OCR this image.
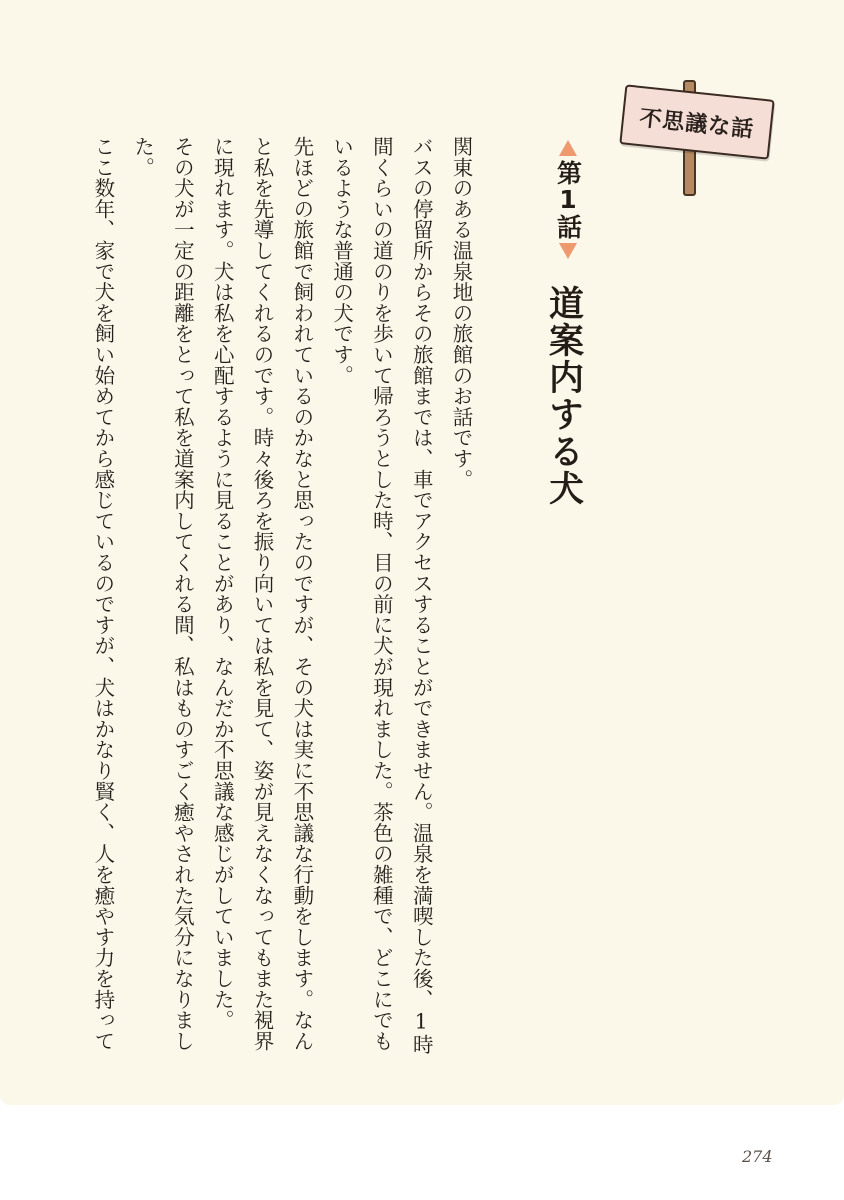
不思議な話
第1話
道案内する犬

関東のある温泉地の旅館のお話です。

バスの停留所からその旅館までは、車でアクセスすることができません。温泉を満喫した後、1時間くらいの道のりを歩いて帰ろうとした時、目の前に犬が現れました。茶色の雑種で、どこにでもいるような普通の犬です。

先ほどの旅館で飼われているのかなと思ったのですが、その犬は実に不思議な行動をします。なんと私を先導してくれるのです。時々後ろを振り向いては私を見て、姿が見えなくなってもまた視界に現れます。犬は私を心配するように見ることがあり、なんだか不思議な感じがしていました。

その犬が一定の距離をとって私を道案内してくれる間、私はものすごく癒やされた気分になりました。

ここ数年、家で犬を飼い始めてから感じているのですが、犬はかなり賢く、人を癒やす力を持って

274
